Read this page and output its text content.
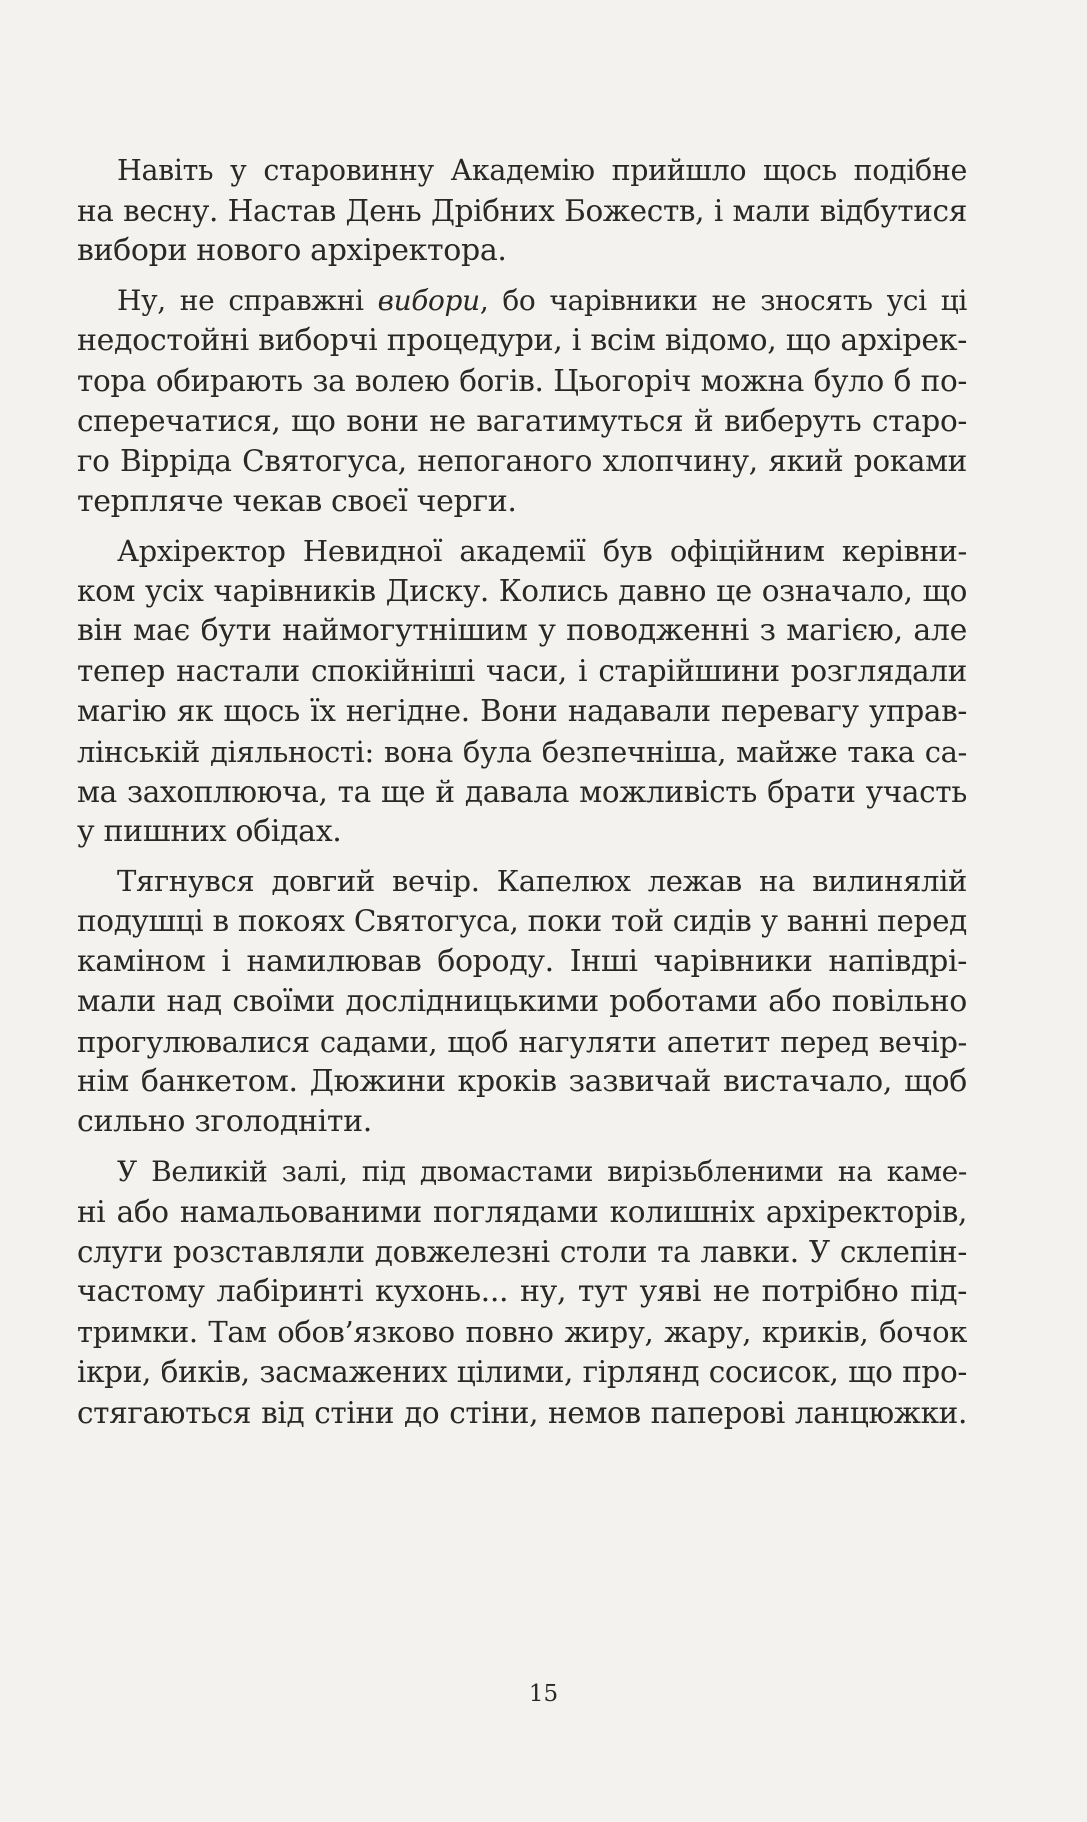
Навіть у старовинну Академію прийшло щось подібне
на весну. Настав День Дрібних Божеств, і мали відбутися
вибори нового архіректора.
Ну, не справжні вибори, бо чарівники не зносять усі ці
недостойні виборчі процедури, і всім відомо, що архірек-
тора обирають за волею богів. Цьогоріч можна було б по-
сперечатися, що вони не вагатимуться й виберуть старо-
го Вірріда Святогуса, непоганого хлопчину, який роками
терпляче чекав своєї черги.
Архіректор Невидної академії був офіційним керівни-
ком усіх чарівників Диску. Колись давно це означало, що
він має бути наймогутнішим у поводженні з магією, але
тепер настали спокійніші часи, і старійшини розглядали
магію як щось їх негідне. Вони надавали перевагу управ-
лінській діяльності: вона була безпечніша, майже така са-
ма захоплююча, та ще й давала можливість брати участь
у пишних обідах.
Тягнувся довгий вечір. Капелюх лежав на вилинялій
подушці в покоях Святогуса, поки той сидів у ванні перед
каміном і намилював бороду. Інші чарівники напівдрі-
мали над своїми дослідницькими роботами або повільно
прогулювалися садами, щоб нагуляти апетит перед вечір-
нім банкетом. Дюжини кроків зазвичай вистачало, щоб
сильно зголодніти.
У Великій залі, під двомастами вирізьбленими на каме-
ні або намальованими поглядами колишніх архіректорів,
слуги розставляли довжелезні столи та лавки. У склепін-
частому лабіринті кухонь... ну, тут уяві не потрібно під-
тримки. Там обов’язково повно жиру, жару, криків, бочок
ікри, биків, засмажених цілими, гірлянд сосисок, що про-
стягаються від стіни до стіни, немов паперові ланцюжки.
15
